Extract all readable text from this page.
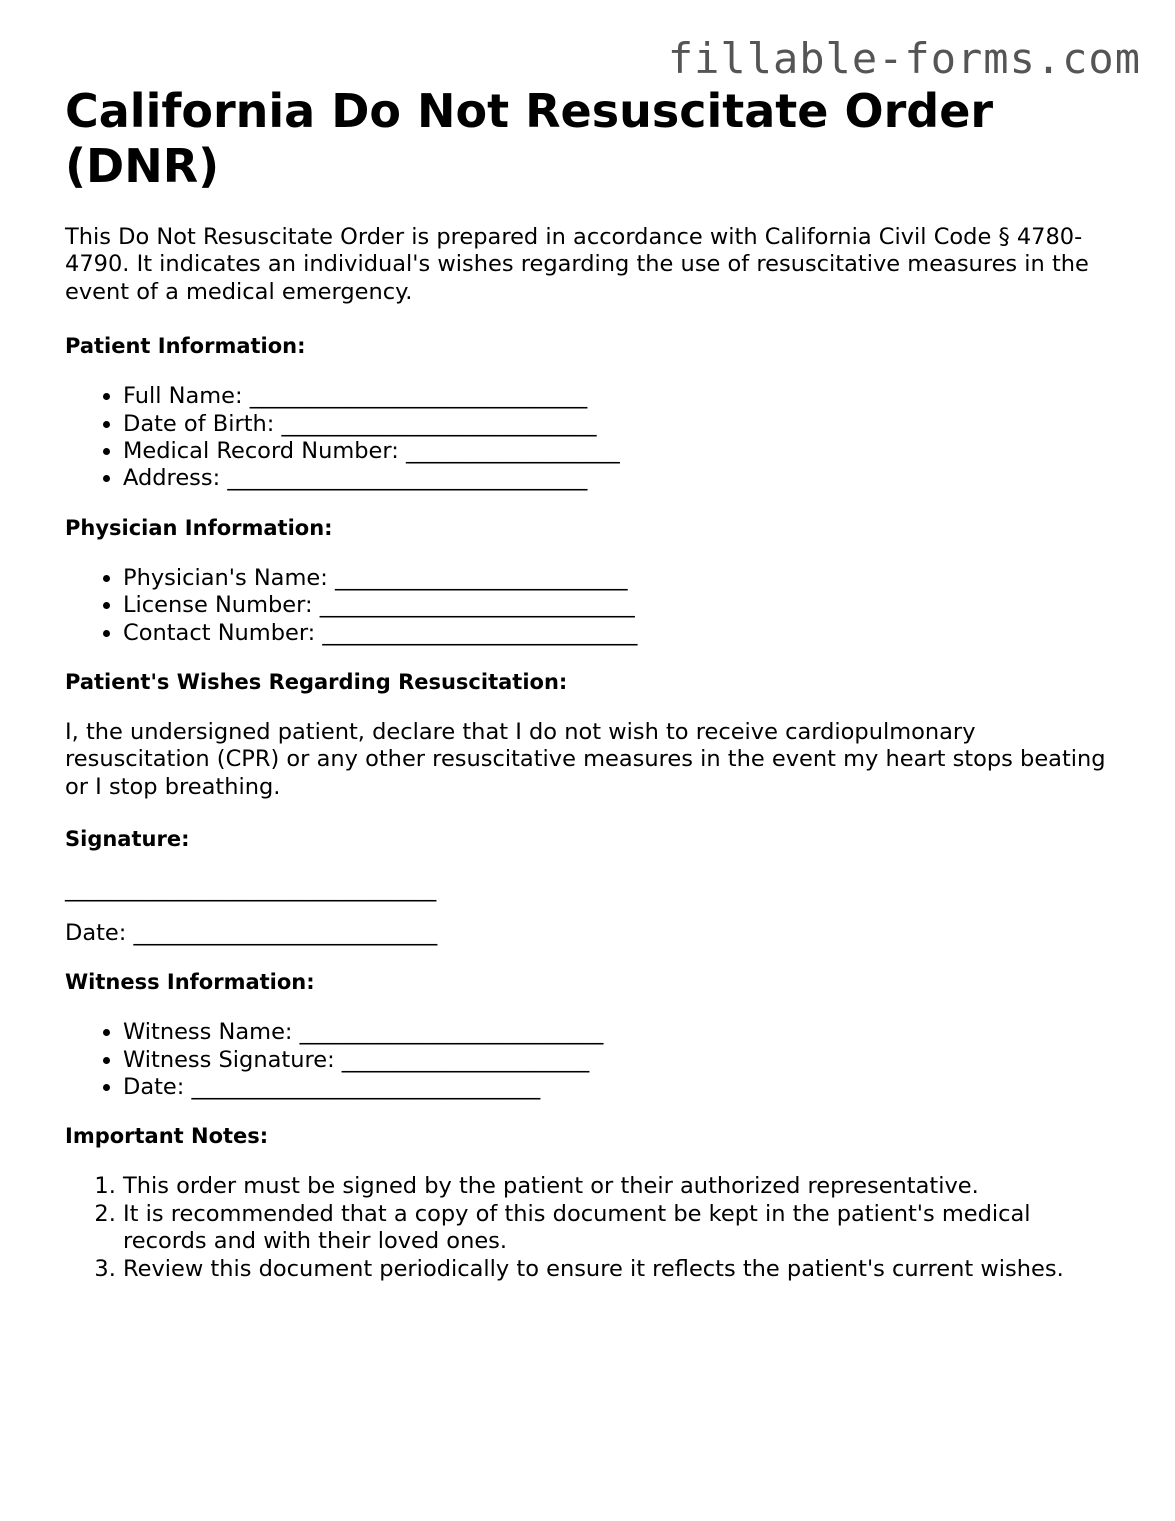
fillable-forms.com
California Do Not Resuscitate Order (DNR)

This Do Not Resuscitate Order is prepared in accordance with California Civil Code § 4780-4790. It indicates an individual's wishes regarding the use of resuscitative measures in the event of a medical emergency.

Patient Information:
• Full Name: ______________________________
• Date of Birth: ____________________________
• Medical Record Number: ___________________
• Address: ________________________________
Physician Information:
• Physician's Name: __________________________
• License Number: ____________________________
• Contact Number: ____________________________
Patient's Wishes Regarding Resuscitation:

I, the undersigned patient, declare that I do not wish to receive cardiopulmonary resuscitation (CPR) or any other resuscitative measures in the event my heart stops beating or I stop breathing.

Signature:

_________________________________

Date: ___________________________

Witness Information:
• Witness Name: ___________________________
• Witness Signature: ______________________
• Date: _______________________________
Important Notes:
1. This order must be signed by the patient or their authorized representative.
2. It is recommended that a copy of this document be kept in the patient's medical records and with their loved ones.
3. Review this document periodically to ensure it reflects the patient's current wishes.
